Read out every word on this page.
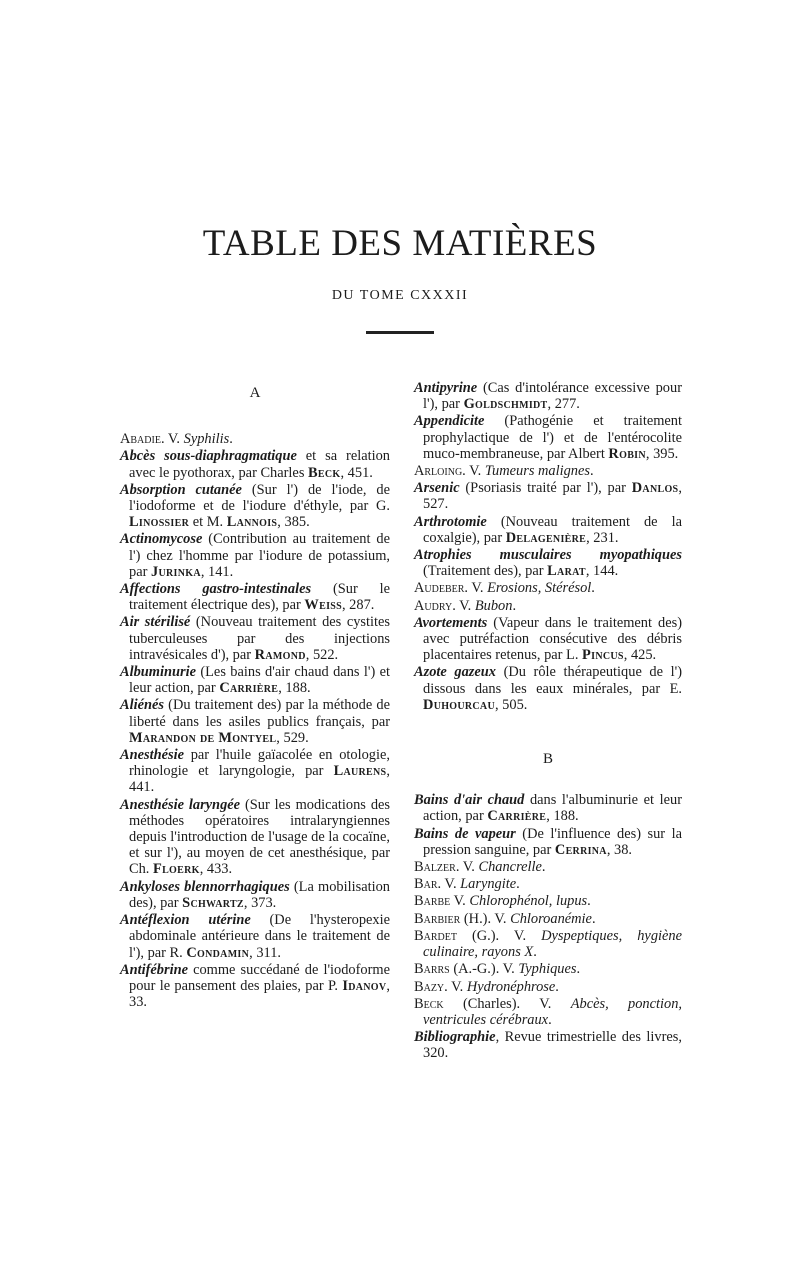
TABLE DES MATIÈRES
DU TOME CXXXII
A
Abadie. V. Syphilis.
Abcès sous-diaphragmatique et sa relation avec le pyothorax, par Charles Beck, 451.
Absorption cutanée (Sur l') de l'iode, de l'iodoforme et de l'iodure d'éthyle, par G. Linossier et M. Lannois, 385.
Actinomycose (Contribution au traitement de l') chez l'homme par l'iodure de potassium, par Jurinka, 141.
Affections gastro-intestinales (Sur le traitement électrique des), par Weiss, 287.
Air stérilisé (Nouveau traitement des cystites tuberculeuses par des injections intravésicales d'), par Ramond, 522.
Albuminurie (Les bains d'air chaud dans l') et leur action, par Carrière, 188.
Aliénés (Du traitement des) par la méthode de liberté dans les asiles publics français, par Marandon de Montyel, 529.
Anesthésie par l'huile gaïacolée en otologie, rhinologie et laryngologie, par Laurens, 441.
Anesthésie laryngée (Sur les modications des méthodes opératoires intralaryngiennes depuis l'introduction de l'usage de la cocaïne, et sur l'), au moyen de cet anesthésique, par Ch. Floerk, 433.
Ankyloses blennorrhagiques (La mobilisation des), par Schwartz, 373.
Antéflexion utérine (De l'hysteropexie abdominale antérieure dans le traitement de l'), par R. Condamin, 311.
Antifébrine comme succédané de l'iodoforme pour le pansement des plaies, par P. Idanov, 33.
Antipyrine (Cas d'intolérance excessive pour l'), par Goldschmidt, 277.
Appendicite (Pathogénie et traitement prophylactique de l') et de l'entérocolite muco-membraneuse, par Albert Robin, 395.
Arloing. V. Tumeurs malignes.
Arsenic (Psoriasis traité par l'), par Danlos, 527.
Arthrotomie (Nouveau traitement de la coxalgie), par Delagenière, 231.
Atrophies musculaires myopathiques (Traitement des), par Larat, 144.
Audeber. V. Erosions, Stérésol.
Audry. V. Bubon.
Avortements (Vapeur dans le traitement des) avec putréfaction consécutive des débris placentaires retenus, par L. Pincus, 425.
Azote gazeux (Du rôle thérapeutique de l') dissous dans les eaux minérales, par E. Duhourcau, 505.
B
Bains d'air chaud dans l'albuminurie et leur action, par Carrière, 188.
Bains de vapeur (De l'influence des) sur la pression sanguine, par Cerrina, 38.
Balzer. V. Chancrelle.
Bar. V. Laryngite.
Barbe V. Chlorophénol, lupus.
Barbier (H.). V. Chloroanémie.
Bardet (G.). V. Dyspeptiques, hygiène culinaire, rayons X.
Barrs (A.-G.). V. Typhiques.
Bazy. V. Hydronéphrose.
Beck (Charles). V. Abcès, ponction, ventricules cérébraux.
Bibliographie, Revue trimestrielle des livres, 320.
